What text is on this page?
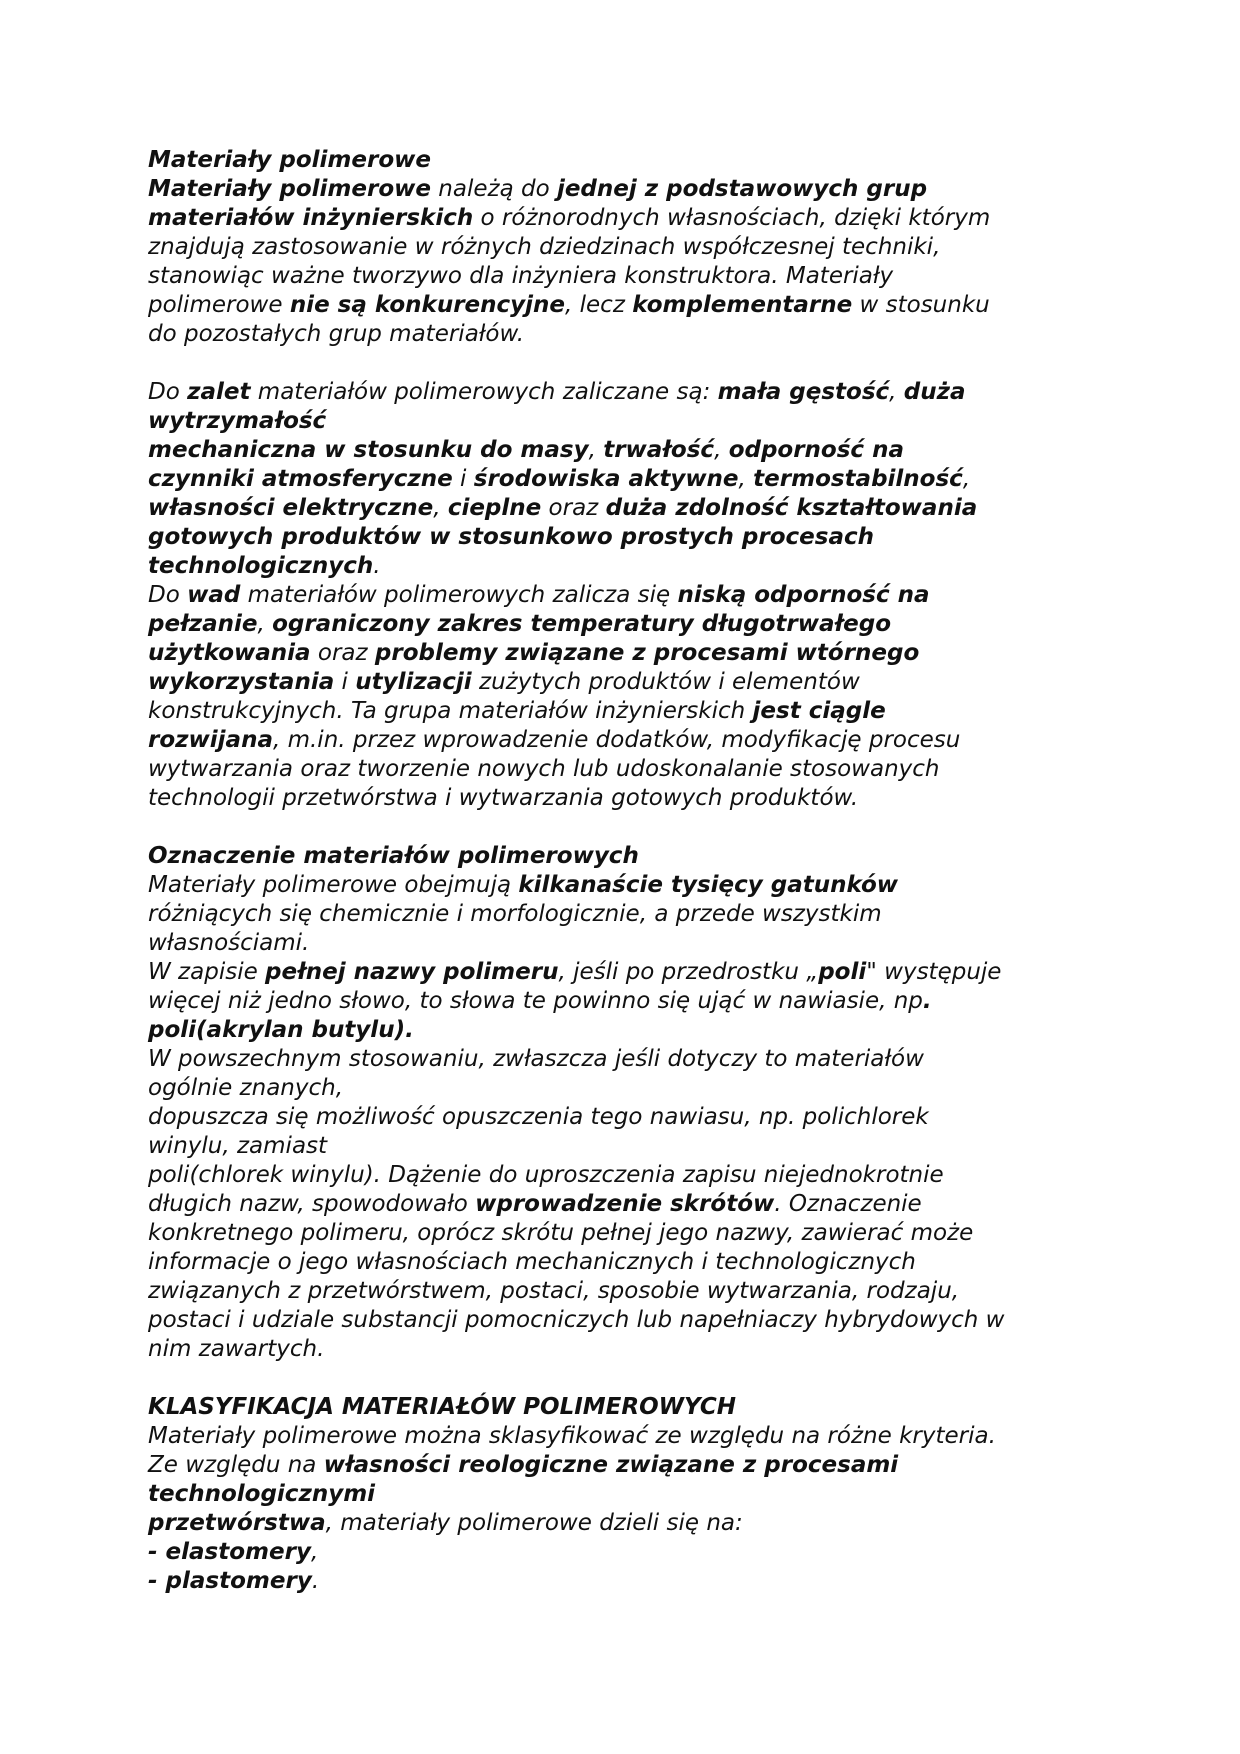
Materiały polimerowe
Materiały polimerowe należą do jednej z podstawowych grup
materiałów inżynierskich o różnorodnych własnościach, dzięki którym
znajdują zastosowanie w różnych dziedzinach współczesnej techniki,
stanowiąc ważne tworzywo dla inżyniera konstruktora. Materiały
polimerowe nie są konkurencyjne, lecz komplementarne w stosunku
do pozostałych grup materiałów.
Do zalet materiałów polimerowych zaliczane są: mała gęstość, duża
wytrzymałość
mechaniczna w stosunku do masy, trwałość, odporność na
czynniki atmosferyczne i środowiska aktywne, termostabilność,
własności elektryczne, cieplne oraz duża zdolność kształtowania
gotowych produktów w stosunkowo prostych procesach
technologicznych.
Do wad materiałów polimerowych zalicza się niską odporność na
pełzanie, ograniczony zakres temperatury długotrwałego
użytkowania oraz problemy związane z procesami wtórnego
wykorzystania i utylizacji zużytych produktów i elementów
konstrukcyjnych. Ta grupa materiałów inżynierskich jest ciągle
rozwijana, m.in. przez wprowadzenie dodatków, modyfikację procesu
wytwarzania oraz tworzenie nowych lub udoskonalanie stosowanych
technologii przetwórstwa i wytwarzania gotowych produktów.
Oznaczenie materiałów polimerowych
Materiały polimerowe obejmują kilkanaście tysięcy gatunków
różniących się chemicznie i morfologicznie, a przede wszystkim
własnościami.
W zapisie pełnej nazwy polimeru, jeśli po przedrostku „poli" występuje
więcej niż jedno słowo, to słowa te powinno się ująć w nawiasie, np.
poli(akrylan butylu).
W powszechnym stosowaniu, zwłaszcza jeśli dotyczy to materiałów
ogólnie znanych,
dopuszcza się możliwość opuszczenia tego nawiasu, np. polichlorek
winylu, zamiast
poli(chlorek winylu). Dążenie do uproszczenia zapisu niejednokrotnie
długich nazw, spowodowało wprowadzenie skrótów. Oznaczenie
konkretnego polimeru, oprócz skrótu pełnej jego nazwy, zawierać może
informacje o jego własnościach mechanicznych i technologicznych
związanych z przetwórstwem, postaci, sposobie wytwarzania, rodzaju,
postaci i udziale substancji pomocniczych lub napełniaczy hybrydowych w
nim zawartych.
KLASYFIKACJA MATERIAŁÓW POLIMEROWYCH
Materiały polimerowe można sklasyfikować ze względu na różne kryteria.
Ze względu na własności reologiczne związane z procesami
technologicznymi
przetwórstwa, materiały polimerowe dzieli się na:
- elastomery,
- plastomery.
